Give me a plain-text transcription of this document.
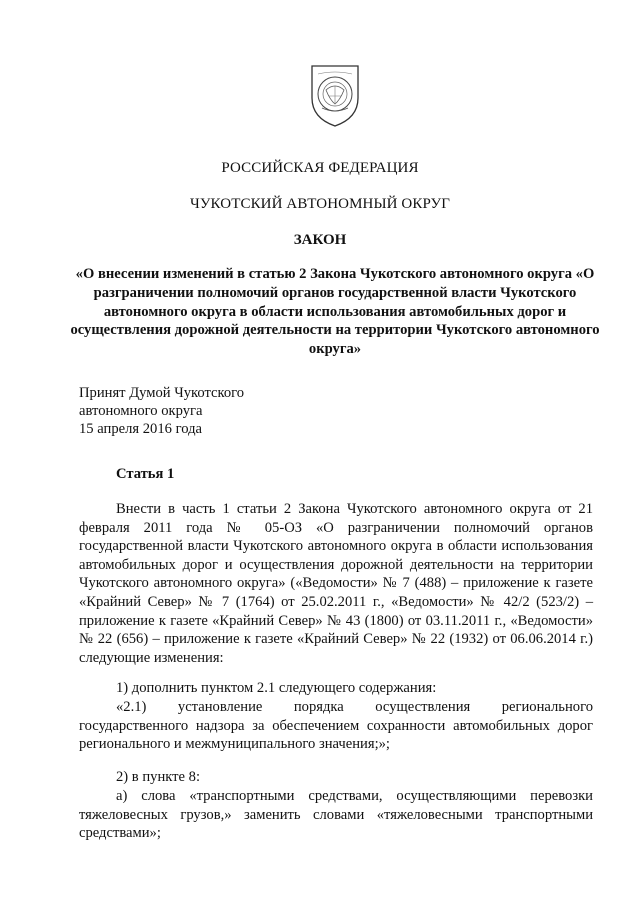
РОССИЙСКАЯ ФЕДЕРАЦИЯ
ЧУКОТСКИЙ АВТОНОМНЫЙ ОКРУГ
ЗАКОН
«О внесении изменений в статью 2 Закона Чукотского автономного округа «О разграничении полномочий органов государственной власти Чукотского автономного округа в области использования автомобильных дорог и осуществления дорожной деятельности на территории Чукотского автономного округа»
Принят Думой Чукотского
автономного округа
15 апреля 2016 года
Статья 1
Внести в часть 1 статьи 2 Закона Чукотского автономного округа от 21 февраля 2011 года № 05-ОЗ «О разграничении полномочий органов государственной власти Чукотского автономного округа в области использования автомобильных дорог и осуществления дорожной деятельности на территории Чукотского автономного округа» («Ведомости» № 7 (488) – приложение к газете «Крайний Север» № 7 (1764) от 25.02.2011 г., «Ведомости» № 42/2 (523/2) – приложение к газете «Крайний Север» № 43 (1800) от 03.11.2011 г., «Ведомости» № 22 (656) – приложение к газете «Крайний Север» № 22 (1932) от 06.06.2014 г.) следующие изменения:
1) дополнить пунктом 2.1 следующего содержания:
«2.1) установление порядка осуществления регионального государственного надзора за обеспечением сохранности автомобильных дорог регионального и межмуниципального значения;»;
2) в пункте 8:
а) слова «транспортными средствами, осуществляющими перевозки тяжеловесных грузов,» заменить словами «тяжеловесными транспортными средствами»;
